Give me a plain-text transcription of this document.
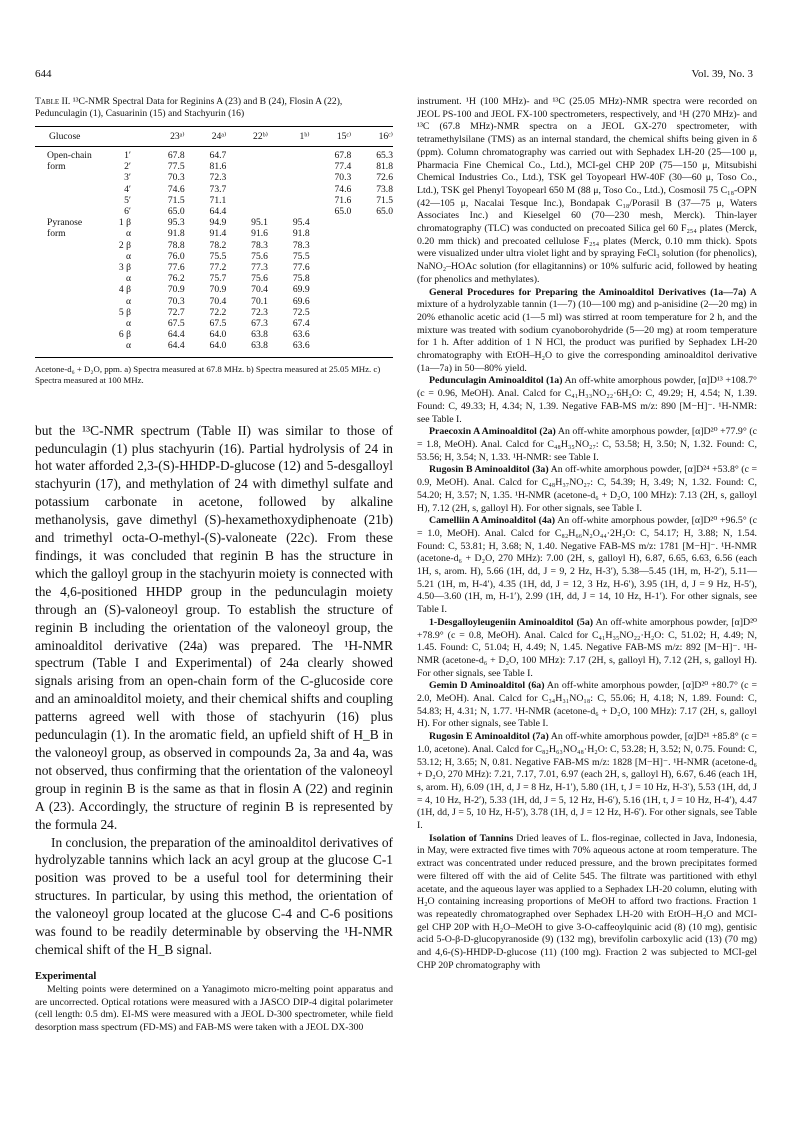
644	Vol. 39, No. 3
Table II. ¹³C-NMR Spectral Data for Reginins A (23) and B (24), Flosin A (22), Pedunculagin (1), Casuarinin (15) and Stachyurin (16)
Glucose		23ᵃ⁾	24ᵃ⁾	22ᵇ⁾	1ᵇ⁾	15ᶜ⁾	16ᶜ⁾
Open-chain	1′	67.8	64.7			67.8	65.3
form	2′	77.5	81.6			77.4	81.8
	3′	70.3	72.3			70.3	72.6
	4′	74.6	73.7			74.6	73.8
	5′	71.5	71.1			71.6	71.5
	6′	65.0	64.4			65.0	65.0
Pyranose	1 β	95.3	94.9	95.1	95.4		
form	α	91.8	91.4	91.6	91.8		
	2 β	78.8	78.2	78.3	78.3		
	α	76.0	75.5	75.6	75.5		
	3 β	77.6	77.2	77.3	77.6		
	α	76.2	75.7	75.6	75.8		
	4 β	70.9	70.9	70.4	69.9		
	α	70.3	70.4	70.1	69.6		
	5 β	72.7	72.2	72.3	72.5		
	α	67.5	67.5	67.3	67.4		
	6 β	64.4	64.0	63.8	63.6		
	α	64.4	64.0	63.8	63.6		
Acetone-d₆ + D₂O, ppm. a) Spectra measured at 67.8 MHz. b) Spectra measured at 25.05 MHz. c) Spectra measured at 100 MHz.

but the ¹³C-NMR spectrum (Table II) was similar to those of pedunculagin (1) plus stachyurin (16). Partial hydrolysis of 24 in hot water afforded 2,3-(S)-HHDP-D-glucose (12) and 5-desgalloyl stachyurin (17), and methylation of 24 with dimethyl sulfate and potassium carbonate in acetone, followed by alkaline methanolysis, gave dimethyl (S)-hexamethoxydiphenoate (21b) and trimethyl octa-O-methyl-(S)-valoneate (22c). From these findings, it was concluded that reginin B has the structure in which the galloyl group in the stachyurin moiety is connected with the 4,6-positioned HHDP group in the pedunculagin moiety through an (S)-valoneoyl group. To establish the structure of reginin B including the orientation of the valoneoyl group, the aminoalditol derivative (24a) was prepared. The ¹H-NMR spectrum (Table I and Experimental) of 24a clearly showed signals arising from an open-chain form of the C-glucoside core and an aminoalditol moiety, and their chemical shifts and coupling patterns agreed well with those of stachyurin (16) plus pedunculagin (1). In the aromatic field, an upfield shift of H_B in the valoneoyl group, as observed in compounds 2a, 3a and 4a, was not observed, thus confirming that the orientation of the valoneoyl group in reginin B is the same as that in flosin A (22) and reginin A (23). Accordingly, the structure of reginin B is represented by the formula 24.

In conclusion, the preparation of the aminoalditol derivatives of hydrolyzable tannins which lack an acyl group at the glucose C-1 position was proved to be a useful tool for determining their structures. In particular, by using this method, the orientation of the valoneoyl group located at the glucose C-4 and C-6 positions was found to be readily determinable by observing the ¹H-NMR chemical shift of the H_B signal.

Experimental

Melting points were determined on a Yanagimoto micro-melting point apparatus and are uncorrected. Optical rotations were measured with a JASCO DIP-4 digital polarimeter (cell length: 0.5 dm). EI-MS were measured with a JEOL D-300 spectrometer, while field desorption mass spectrum (FD-MS) and FAB-MS were taken with a JEOL DX-300

instrument. ¹H (100 MHz)- and ¹³C (25.05 MHz)-NMR spectra were recorded on JEOL PS-100 and JEOL FX-100 spectrometers, respectively, and ¹H (270 MHz)- and ¹³C (67.8 MHz)-NMR spectra on a JEOL GX-270 spectrometer, with tetramethylsilane (TMS) as an internal standard, the chemical shifts being given in δ (ppm). Column chromatography was carried out with Sephadex LH-20 (25—100 μ, Pharmacia Fine Chemical Co., Ltd.), MCI-gel CHP 20P (75—150 μ, Mitsubishi Chemical Industries Co., Ltd.), TSK gel Toyopearl HW-40F (30—60 μ, Toso Co., Ltd.), TSK gel Phenyl Toyopearl 650 M (88 μ, Toso Co., Ltd.), Cosmosil 75 C₁₈-OPN (42—105 μ, Nacalai Tesque Inc.), Bondapak C₁₈/Porasil B (37—75 μ, Waters Associates Inc.) and Kieselgel 60 (70—230 mesh, Merck). Thin-layer chromatography (TLC) was conducted on precoated Silica gel 60 F₂₅₄ plates (Merck, 0.20 mm thick) and precoated cellulose F₂₅₄ plates (Merck, 0.10 mm thick). Spots were visualized under ultra violet light and by spraying FeCl₃ solution (for phenolics), NaNO₂–HOAc solution (for ellagitannins) or 10% sulfuric acid, followed by heating (for phenolics and methylates).

General Procedures for Preparing the Aminoalditol Derivatives (1a—7a) A mixture of a hydrolyzable tannin (1—7) (10—100 mg) and p-anisidine (2—20 mg) in 20% ethanolic acetic acid (1—5 ml) was stirred at room temperature for 2 h, and the mixture was treated with sodium cyanoborohydride (5—20 mg) at room temperature for 1 h. After addition of 1 N HCl, the product was purified by Sephadex LH-20 chromatography with EtOH–H₂O to give the corresponding aminoalditol derivative (1a—7a) in 50—80% yield.

Pedunculagin Aminoalditol (1a) An off-white amorphous powder, [α]D¹³ +108.7° (c = 0.96, MeOH). Anal. Calcd for C₄₁H₃₃NO₂₂·6H₂O: C, 49.29; H, 4.54; N, 1.39. Found: C, 49.33; H, 4.34; N, 1.39. Negative FAB-MS m/z: 890 [M−H]⁻. ¹H-NMR: see Table I.

Praecoxin A Aminoalditol (2a) An off-white amorphous powder, [α]D²⁰ +77.9° (c = 1.8, MeOH). Anal. Calcd for C₄₈H₃₅NO₂₇: C, 53.58; H, 3.50; N, 1.32. Found: C, 53.56; H, 3.54; N, 1.33. ¹H-NMR: see Table I.

Rugosin B Aminoalditol (3a) An off-white amorphous powder, [α]D²⁴ +53.8° (c = 0.9, MeOH). Anal. Calcd for C₄₈H₃₇NO₂₇: C, 54.39; H, 3.49; N, 1.32. Found: C, 54.20; H, 3.57; N, 1.35. ¹H-NMR (acetone-d₆ + D₂O, 100 MHz): 7.13 (2H, s, galloyl H), 7.12 (2H, s, galloyl H). For other signals, see Table I.

Camelliin A Aminoalditol (4a) An off-white amorphous powder, [α]D²⁰ +96.5° (c = 1.0, MeOH). Anal. Calcd for C₈₂H₆₆N₂O₄₄·2H₂O: C, 54.17; H, 3.88; N, 1.54. Found: C, 53.81; H, 3.68; N, 1.40. Negative FAB-MS m/z: 1781 [M−H]⁻. ¹H-NMR (acetone-d₆ + D₂O, 270 MHz): 7.00 (2H, s, galloyl H), 6.87, 6.65, 6.63, 6.56 (each 1H, s, arom. H), 5.66 (1H, dd, J = 9, 2 Hz, H-3′), 5.38—5.45 (1H, m, H-2′), 5.11—5.21 (1H, m, H-4′), 4.35 (1H, dd, J = 12, 3 Hz, H-6′), 3.95 (1H, d, J = 9 Hz, H-5′), 4.50—3.60 (1H, m, H-1′), 2.99 (1H, dd, J = 14, 10 Hz, H-1′). For other signals, see Table I.

1-Desgalloyleugeniin Aminoalditol (5a) An off-white amorphous powder, [α]D²⁰ +78.9° (c = 0.8, MeOH). Anal. Calcd for C₄₁H₃₅NO₂₂·H₂O: C, 51.02; H, 4.49; N, 1.45. Found: C, 51.04; H, 4.49; N, 1.45. Negative FAB-MS m/z: 892 [M−H]⁻. ¹H-NMR (acetone-d₆ + D₂O, 100 MHz): 7.17 (2H, s, galloyl H), 7.12 (2H, s, galloyl H). For other signals, see Table I.

Gemin D Aminoalditol (6a) An off-white amorphous powder, [α]D²⁰ +80.7° (c = 2.0, MeOH). Anal. Calcd for C₃₄H₃₁NO₁₈: C, 55.06; H, 4.18; N, 1.89. Found: C, 54.83; H, 4.31; N, 1.77. ¹H-NMR (acetone-d₆ + D₂O, 100 MHz): 7.17 (2H, s, galloyl H). For other signals, see Table I.

Rugosin E Aminoalditol (7a) An off-white amorphous powder, [α]D²¹ +85.8° (c = 1.0, acetone). Anal. Calcd for C₈₂H₆₃NO₄₈·H₂O: C, 53.28; H, 3.52; N, 0.75. Found: C, 53.12; H, 3.65; N, 0.81. Negative FAB-MS m/z: 1828 [M−H]⁻. ¹H-NMR (acetone-d₆ + D₂O, 270 MHz): 7.21, 7.17, 7.01, 6.97 (each 2H, s, galloyl H), 6.67, 6.46 (each 1H, s, arom. H), 6.09 (1H, d, J = 8 Hz, H-1′), 5.80 (1H, t, J = 10 Hz, H-3′), 5.53 (1H, dd, J = 4, 10 Hz, H-2′), 5.33 (1H, dd, J = 5, 12 Hz, H-6′), 5.16 (1H, t, J = 10 Hz, H-4′), 4.47 (1H, dd, J = 5, 10 Hz, H-5′), 3.78 (1H, d, J = 12 Hz, H-6′). For other signals, see Table I.

Isolation of Tannins Dried leaves of L. flos-reginae, collected in Java, Indonesia, in May, were extracted five times with 70% aqueous actone at room temperature. The extract was concentrated under reduced pressure, and the brown precipitates formed were filtered off with the aid of Celite 545. The filtrate was partitioned with ethyl acetate, and the aqueous layer was applied to a Sephadex LH-20 column, eluting with H₂O containing increasing proportions of MeOH to afford two fractions. Fraction 1 was repeatedly chromatographed over Sephadex LH-20 with EtOH–H₂O and MCI-gel CHP 20P with H₂O–MeOH to give 3-O-caffeoylquinic acid (8) (10 mg), gentisic acid 5-O-β-D-glucopyranoside (9) (132 mg), brevifolin carboxylic acid (13) (70 mg) and 4,6-(S)-HHDP-D-glucose (11) (100 mg). Fraction 2 was subjected to MCI-gel CHP 20P chromatography with
